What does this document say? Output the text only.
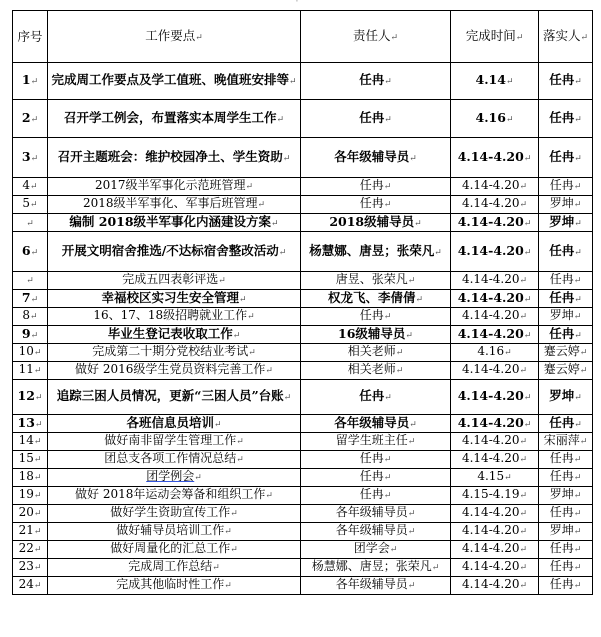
'
序号	工作要点↵	责任人↵	完成时间↵	落实人↵
1↵	完成周工作要点及学工值班、晚值班安排等↵	任冉↵	4.14↵	任冉↵
2↵	召开学工例会，布置落实本周学生工作↵	任冉↵	4.16↵	任冉↵
3↵	召开主题班会：维护校园净土、学生资助↵	各年级辅导员↵	4.14-4.20↵	任冉↵
4↵	2017级半军事化示范班管理↵	任冉↵	4.14-4.20↵	任冉↵
5↵	2018级半军事化、军事后班管理↵	任冉↵	4.14-4.20↵	罗坤↵
↵	编制 2018级半军事化内涵建设方案↵	2018级辅导员↵	4.14-4.20↵	罗坤↵
6↵	开展文明宿舍推选/不达标宿舍整改活动↵	杨慧娜、唐昱；张荣凡↵	4.14-4.20↵	任冉↵
↵	完成五四表彰评选↵	唐昱、张荣凡↵	4.14-4.20↵	任冉↵
7↵	幸福校区实习生安全管理↵	权龙飞、李倩倩↵	4.14-4.20↵	任冉↵
8↵	16、17、18级招聘就业工作↵	任冉↵	4.14-4.20↵	罗坤↵
9↵	毕业生登记表收取工作↵	16级辅导员↵	4.14-4.20↵	任冉↵
10↵	完成第二十期分党校结业考试↵	相关老师↵	4.16↵	蹇云婷↵
11↵	做好 2016级学生党员资料完善工作↵	相关老师↵	4.14-4.20↵	蹇云婷↵
12↵	追踪三困人员情况，更新“三困人员”台账↵	任冉↵	4.14-4.20↵	罗坤↵
13↵	各班信息员培训↵	各年级辅导员↵	4.14-4.20↵	任冉↵
14↵	做好南非留学生管理工作↵	留学生班主任↵	4.14-4.20↵	宋丽萍↵
15↵	团总支各项工作情况总结↵	任冉↵	4.14-4.20↵	任冉↵
18↵	团学例会↵	任冉↵	4.15↵	任冉↵
19↵	做好 2018年运动会筹备和组织工作↵	任冉↵	4.15-4.19↵	罗坤↵
20↵	做好学生资助宣传工作↵	各年级辅导员↵	4.14-4.20↵	任冉↵
21↵	做好辅导员培训工作↵	各年级辅导员↵	4.14-4.20↵	罗坤↵
22↵	做好周量化的汇总工作↵	团学会↵	4.14-4.20↵	任冉↵
23↵	完成周工作总结↵	杨慧娜、唐昱；张荣凡↵	4.14-4.20↵	任冉↵
24↵	完成其他临时性工作↵	各年级辅导员↵	4.14-4.20↵	任冉↵
